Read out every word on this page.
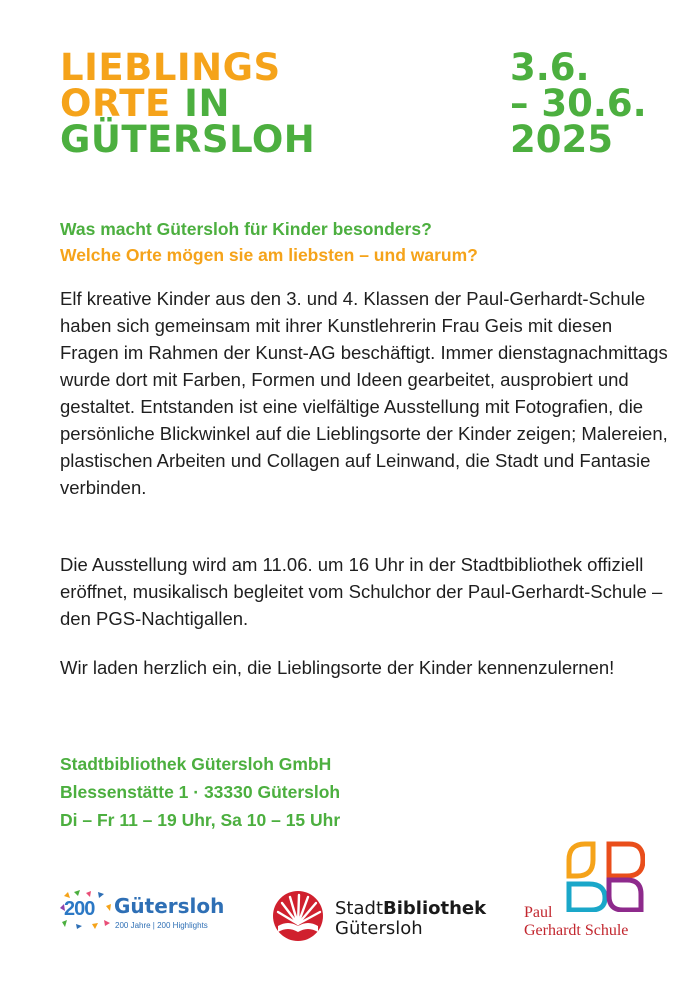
LIEBLINGS
ORTE IN
GÜTERSLOH
3.6.
– 30.6.
2025

Was macht Gütersloh für Kinder besonders?

Welche Orte mögen sie am liebsten – und warum?

Elf kreative Kinder aus den 3. und 4. Klassen der Paul-Gerhardt-Schule haben sich gemeinsam mit ihrer Kunstlehrerin Frau Geis mit diesen Fragen im Rahmen der Kunst-AG beschäftigt. Immer dienstagnachmittags wurde dort mit Farben, Formen und Ideen gearbeitet, ausprobiert und gestaltet. Entstanden ist eine vielfältige Ausstellung mit Fotografien, die persönliche Blickwinkel auf die Lieblingsorte der Kinder zeigen; Malereien, plastischen Arbeiten und Collagen auf Leinwand, die Stadt und Fantasie verbinden.

Die Ausstellung wird am 11.06. um 16 Uhr in der Stadtbibliothek offiziell eröffnet, musikalisch begleitet vom Schulchor der Paul-Gerhardt-Schule – den PGS-Nachtigallen.

Wir laden herzlich ein, die Lieblingsorte der Kinder kennenzulernen!

Stadtbibliothek Gütersloh GmbH
Blessenstätte 1 · 33330 Gütersloh
Di – Fr 11 – 19 Uhr, Sa 10 – 15 Uhr
200 Gütersloh
200 Jahre | 200 Highlights
StadtBibliothek
Gütersloh
Paul
Gerhardt Schule
